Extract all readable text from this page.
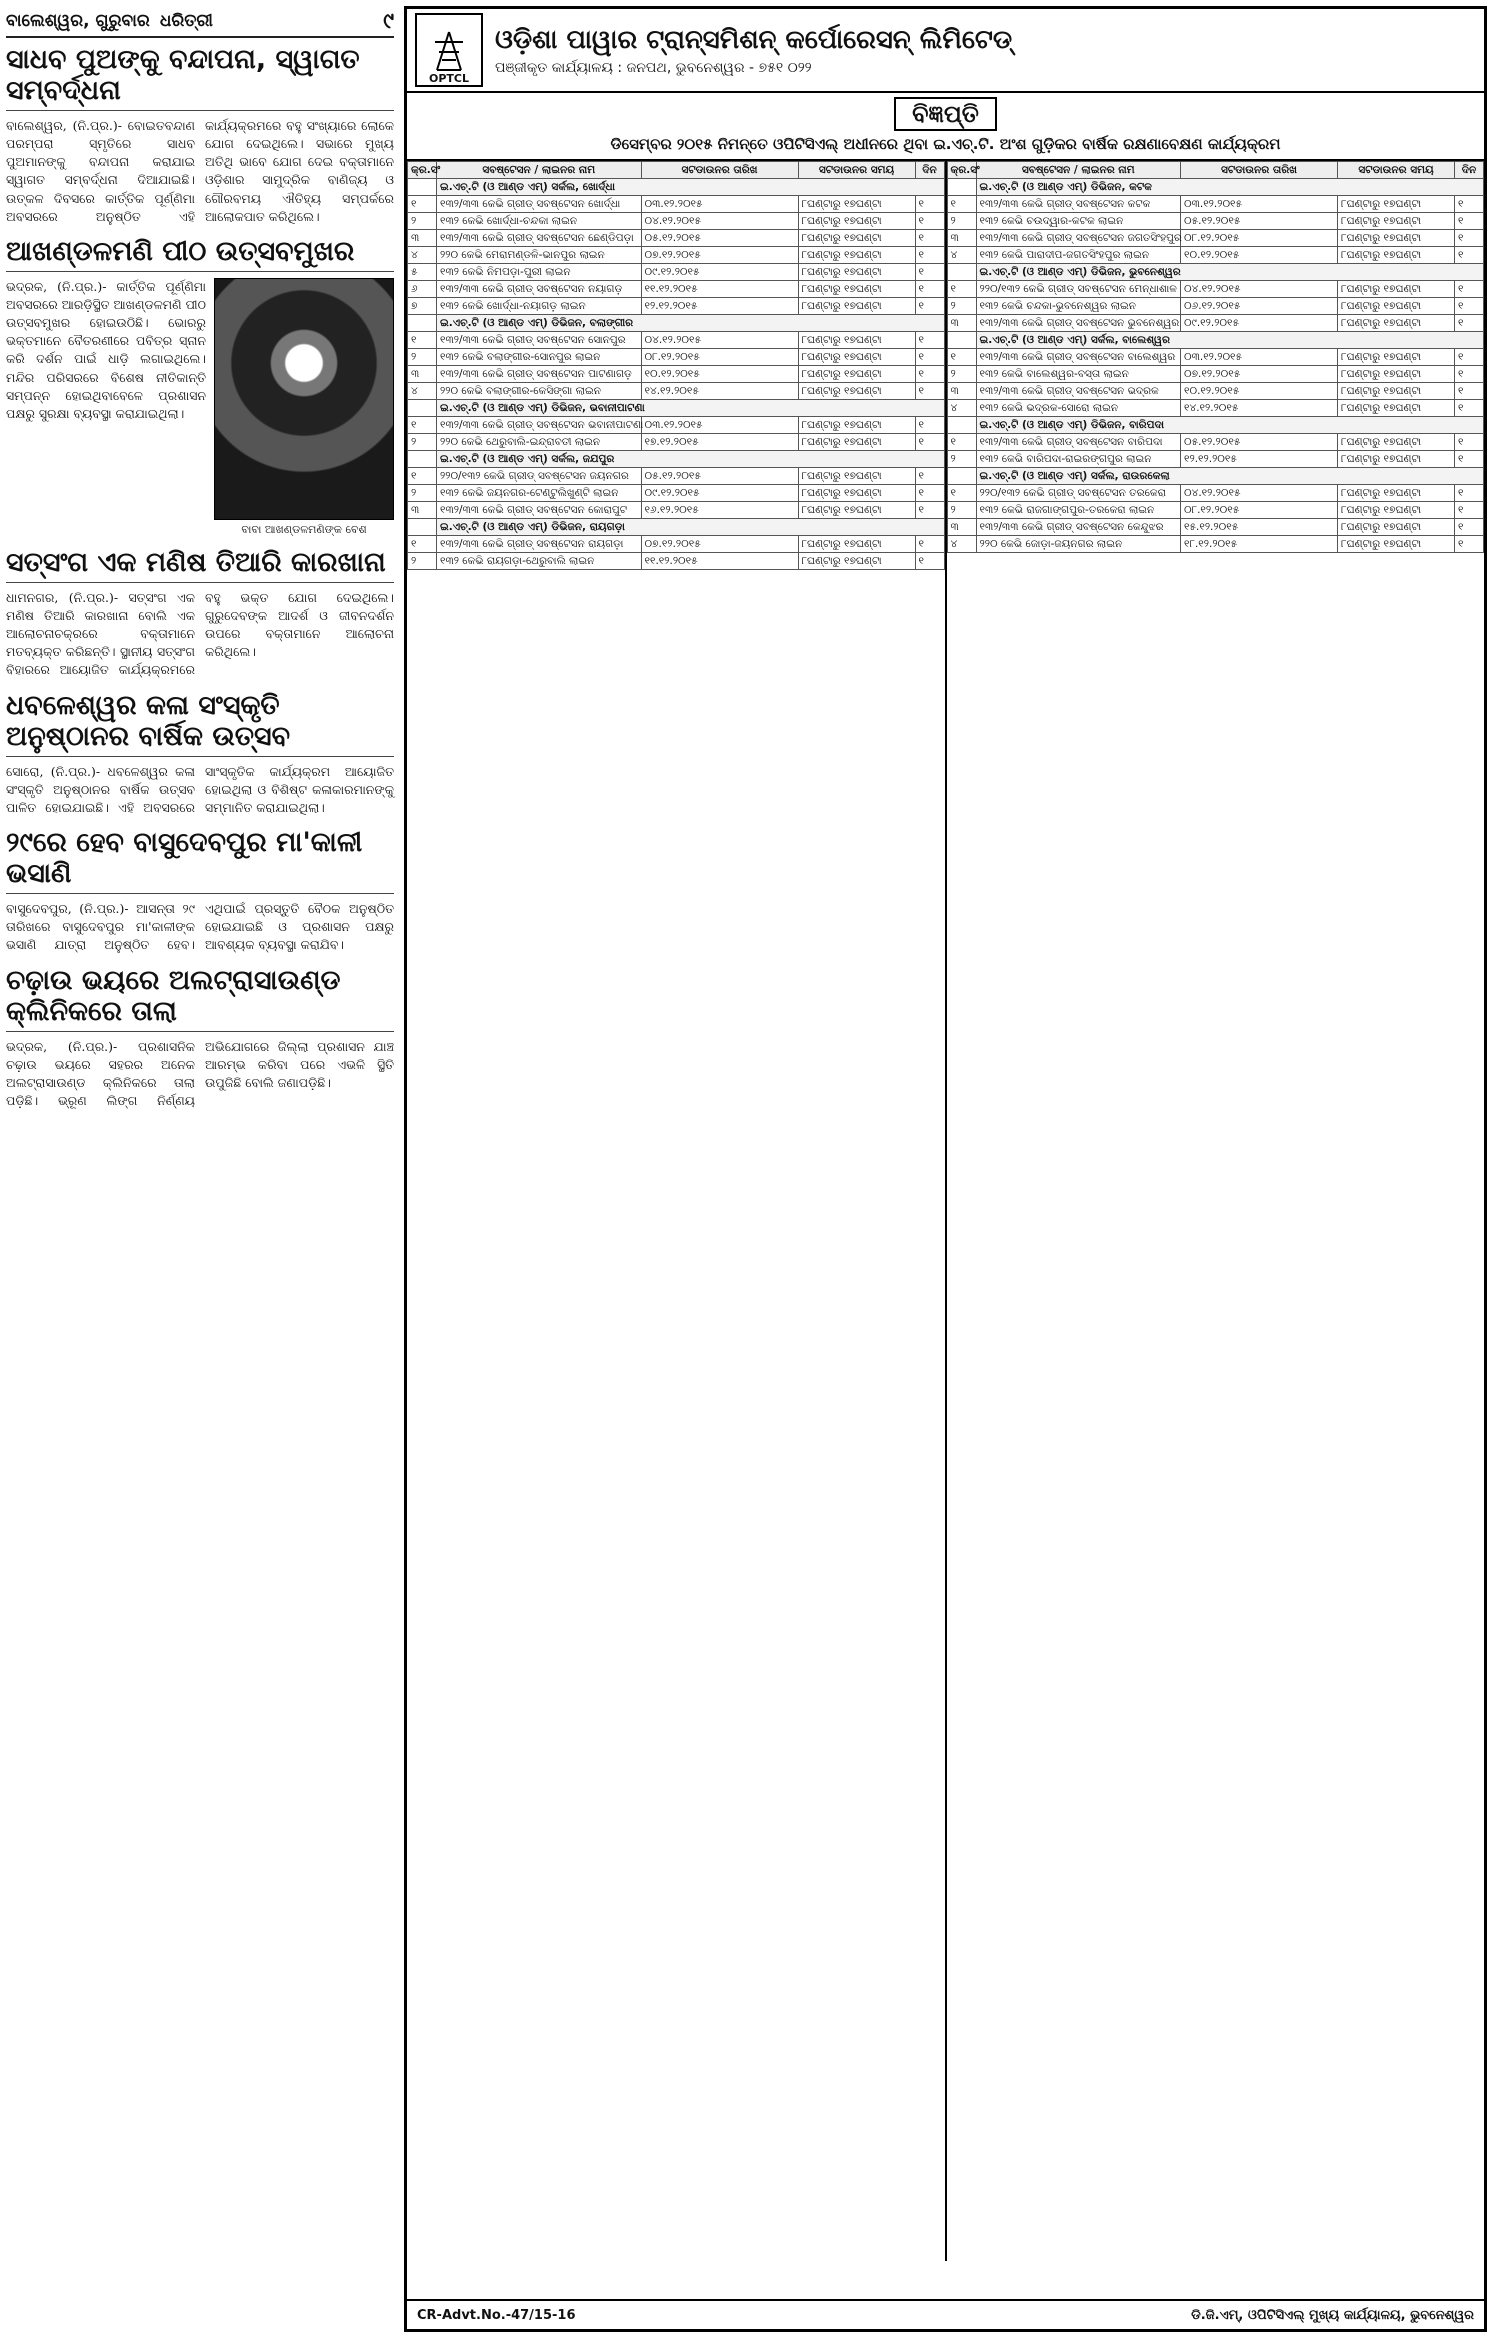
ବାଲେଶ୍ୱର, ଗୁରୁବାର ଧରିତ୍ରୀ	୯
ସାଧବ ପୁଅଙ୍କୁ ବନ୍ଦାପନା, ସ୍ୱାଗତ ସମ୍ବର୍ଦ୍ଧନା

ବାଲେଶ୍ୱର, (ନି.ପ୍ର.)- ବୋଇତବନ୍ଦାଣ ପରମ୍ପରା ସ୍ମୃତିରେ ସାଧବ ପୁଅମାନଙ୍କୁ ବନ୍ଦାପନା କରାଯାଇ ସ୍ୱାଗତ ସମ୍ବର୍ଦ୍ଧନା ଦିଆଯାଇଛି। ଉତ୍କଳ ଦିବସରେ କାର୍ତ୍ତିକ ପୂର୍ଣ୍ଣିମା ଅବସରରେ ଅନୁଷ୍ଠିତ ଏହି କାର୍ଯ୍ୟକ୍ରମରେ ବହୁ ସଂଖ୍ୟାରେ ଲୋକେ ଯୋଗ ଦେଇଥିଲେ। ସଭାରେ ମୁଖ୍ୟ ଅତିଥି ଭାବେ ଯୋଗ ଦେଇ ବକ୍ତାମାନେ ଓଡ଼ିଶାର ସାମୁଦ୍ରିକ ବାଣିଜ୍ୟ ଓ ଗୌରବମୟ ଐତିହ୍ୟ ସମ୍ପର୍କରେ ଆଲୋକପାତ କରିଥିଲେ।

ଆଖଣ୍ଡଳମଣି ପୀଠ ଉତ୍ସବମୁଖର

ଭଦ୍ରକ, (ନି.ପ୍ର.)- କାର୍ତ୍ତିକ ପୂର୍ଣ୍ଣିମା ଅବସରରେ ଆରଡ଼ିସ୍ଥିତ ଆଖଣ୍ଡଳମଣି ପୀଠ ଉତ୍ସବମୁଖର ହୋଇଉଠିଛି। ଭୋରରୁ ଭକ୍ତମାନେ ବୈତରଣୀରେ ପବିତ୍ର ସ୍ନାନ କରି ଦର୍ଶନ ପାଇଁ ଧାଡ଼ି ଲଗାଇଥିଲେ। ମନ୍ଦିର ପରିସରରେ ବିଶେଷ ନୀତିକାନ୍ତି ସମ୍ପନ୍ନ ହୋଇଥିବାବେଳେ ପ୍ରଶାସନ ପକ୍ଷରୁ ସୁରକ୍ଷା ବ୍ୟବସ୍ଥା କରାଯାଇଥିଲା।

ବାବା ଆଖଣ୍ଡଳମଣିଙ୍କ ବେଶ
ସତ୍ସଂଗ ଏକ ମଣିଷ ତିଆରି କାରଖାନା

ଧାମନଗର, (ନି.ପ୍ର.)- ସତ୍ସଂଗ ଏକ ମଣିଷ ତିଆରି କାରଖାନା ବୋଲି ଏକ ଆଲୋଚନାଚକ୍ରରେ ବକ୍ତାମାନେ ମତବ୍ୟକ୍ତ କରିଛନ୍ତି। ସ୍ଥାନୀୟ ସତ୍ସଂଗ ବିହାରରେ ଆୟୋଜିତ କାର୍ଯ୍ୟକ୍ରମରେ ବହୁ ଭକ୍ତ ଯୋଗ ଦେଇଥିଲେ। ଗୁରୁଦେବଙ୍କ ଆଦର୍ଶ ଓ ଜୀବନଦର୍ଶନ ଉପରେ ବକ୍ତାମାନେ ଆଲୋଚନା କରିଥିଲେ।

ଧବଳେଶ୍ୱର କଳା ସଂସ୍କୃତି ଅନୁଷ୍ଠାନର ବାର୍ଷିକ ଉତ୍ସବ

ସୋରୋ, (ନି.ପ୍ର.)- ଧବଳେଶ୍ୱର କଳା ସଂସ୍କୃତି ଅନୁଷ୍ଠାନର ବାର୍ଷିକ ଉତ୍ସବ ପାଳିତ ହୋଇଯାଇଛି। ଏହି ଅବସରରେ ସାଂସ୍କୃତିକ କାର୍ଯ୍ୟକ୍ରମ ଆୟୋଜିତ ହୋଇଥିଲା ଓ ବିଶିଷ୍ଟ କଳାକାରମାନଙ୍କୁ ସମ୍ମାନିତ କରାଯାଇଥିଲା।

୨୯ରେ ହେବ ବାସୁଦେବପୁର ମା'କାଳୀ ଭସାଣି

ବାସୁଦେବପୁର, (ନି.ପ୍ର.)- ଆସନ୍ତା ୨୯ ତାରିଖରେ ବାସୁଦେବପୁର ମା'କାଳୀଙ୍କ ଭସାଣି ଯାତ୍ରା ଅନୁଷ୍ଠିତ ହେବ। ଏଥିପାଇଁ ପ୍ରସ୍ତୁତି ବୈଠକ ଅନୁଷ୍ଠିତ ହୋଇଯାଇଛି ଓ ପ୍ରଶାସନ ପକ୍ଷରୁ ଆବଶ୍ୟକ ବ୍ୟବସ୍ଥା କରାଯିବ।

ଚଢ଼ାଉ ଭୟରେ ଅଲଟ୍ରାସାଉଣ୍ଡ କ୍ଲିନିକରେ ତାଲା

ଭଦ୍ରକ, (ନି.ପ୍ର.)- ପ୍ରଶାସନିକ ଚଢ଼ାଉ ଭୟରେ ସହରର ଅନେକ ଅଲଟ୍ରାସାଉଣ୍ଡ କ୍ଲିନିକରେ ତାଲା ପଡ଼ିଛି। ଭ୍ରୂଣ ଲିଙ୍ଗ ନିର୍ଣ୍ଣୟ ଅଭିଯୋଗରେ ଜିଲ୍ଲା ପ୍ରଶାସନ ଯାଞ୍ଚ ଆରମ୍ଭ କରିବା ପରେ ଏଭଳି ସ୍ଥିତି ଉପୁଜିଛି ବୋଲି ଜଣାପଡ଼ିଛି।

OPTCL
ଓଡ଼ିଶା ପାୱାର ଟ୍ରାନ୍ସମିଶନ୍ କର୍ପୋରେସନ୍ ଲିମିଟେଡ୍
ପଞ୍ଜୀକୃତ କାର୍ଯ୍ୟାଳୟ : ଜନପଥ, ଭୁବନେଶ୍ୱର - ୭୫୧ ୦୨୨
ବିଜ୍ଞପ୍ତି
ଡିସେମ୍ବର ୨୦୧୫ ନିମନ୍ତେ ଓପିଟିସିଏଲ୍ ଅଧୀନରେ ଥିବା ଇ.ଏଚ୍.ଟି. ଅଂଶ ଗୁଡ଼ିକର ବାର୍ଷିକ ରକ୍ଷଣାବେକ୍ଷଣ କାର୍ଯ୍ୟକ୍ରମ
କ୍ର.ସଂ	ସବଷ୍ଟେସନ / ଲାଇନର ନାମ	ସଟଡାଉନର ତାରିଖ	ସଟଡାଉନର ସମୟ	ଦିନ
	ଇ.ଏଚ୍.ଟି (ଓ ଆଣ୍ଡ ଏମ୍) ସର୍କଲ, ଖୋର୍ଦ୍ଧା			
୧	୧୩୨/୩୩ କେଭି ଗ୍ରୀଡ୍ ସବଷ୍ଟେସନ ଖୋର୍ଦ୍ଧା	୦୩.୧୨.୨୦୧୫	୮ଘଣ୍ଟାରୁ ୧୭ଘଣ୍ଟା	୧
୨	୧୩୨ କେଭି ଖୋର୍ଦ୍ଧା-ଚନ୍ଦକା ଲାଇନ	୦୪.୧୨.୨୦୧୫	୮ଘଣ୍ଟାରୁ ୧୭ଘଣ୍ଟା	୧
୩	୧୩୨/୩୩ କେଭି ଗ୍ରୀଡ୍ ସବଷ୍ଟେସନ ଛେଣ୍ଡିପଡ଼ା	୦୫.୧୨.୨୦୧୫	୮ଘଣ୍ଟାରୁ ୧୭ଘଣ୍ଟା	୧
୪	୨୨୦ କେଭି ମେରାମଣ୍ଡଳି-ଭାନପୁର ଲାଇନ	୦୭.୧୨.୨୦୧୫	୮ଘଣ୍ଟାରୁ ୧୭ଘଣ୍ଟା	୧
୫	୧୩୨ କେଭି ନିମପଡ଼ା-ପୁରୀ ଲାଇନ	୦୯.୧୨.୨୦୧୫	୮ଘଣ୍ଟାରୁ ୧୭ଘଣ୍ଟା	୧
୬	୧୩୨/୩୩ କେଭି ଗ୍ରୀଡ୍ ସବଷ୍ଟେସନ ନୟାଗଡ଼	୧୧.୧୨.୨୦୧୫	୮ଘଣ୍ଟାରୁ ୧୭ଘଣ୍ଟା	୧
୭	୧୩୨ କେଭି ଖୋର୍ଦ୍ଧା-ନୟାଗଡ଼ ଲାଇନ	୧୨.୧୨.୨୦୧୫	୮ଘଣ୍ଟାରୁ ୧୭ଘଣ୍ଟା	୧
	ଇ.ଏଚ୍.ଟି (ଓ ଆଣ୍ଡ ଏମ୍) ଡିଭିଜନ, ବଲାଙ୍ଗୀର			
୧	୧୩୨/୩୩ କେଭି ଗ୍ରୀଡ୍ ସବଷ୍ଟେସନ ସୋନପୁର	୦୪.୧୨.୨୦୧୫	୮ଘଣ୍ଟାରୁ ୧୭ଘଣ୍ଟା	୧
୨	୧୩୨ କେଭି ବଲାଙ୍ଗୀର-ସୋନପୁର ଲାଇନ	୦୮.୧୨.୨୦୧୫	୮ଘଣ୍ଟାରୁ ୧୭ଘଣ୍ଟା	୧
୩	୧୩୨/୩୩ କେଭି ଗ୍ରୀଡ୍ ସବଷ୍ଟେସନ ପାଟଣାଗଡ଼	୧୦.୧୨.୨୦୧୫	୮ଘଣ୍ଟାରୁ ୧୭ଘଣ୍ଟା	୧
୪	୨୨୦ କେଭି ବଲାଙ୍ଗୀର-କେସିଙ୍ଗା ଲାଇନ	୧୪.୧୨.୨୦୧୫	୮ଘଣ୍ଟାରୁ ୧୭ଘଣ୍ଟା	୧
	ଇ.ଏଚ୍.ଟି (ଓ ଆଣ୍ଡ ଏମ୍) ଡିଭିଜନ, ଭବାନୀପାଟଣା			
୧	୧୩୨/୩୩ କେଭି ଗ୍ରୀଡ୍ ସବଷ୍ଟେସନ ଭବାନୀପାଟଣା	୦୩.୧୨.୨୦୧୫	୮ଘଣ୍ଟାରୁ ୧୭ଘଣ୍ଟା	୧
୨	୨୨୦ କେଭି ଥେରୁବାଲି-ଇନ୍ଦ୍ରାବତୀ ଲାଇନ	୧୭.୧୨.୨୦୧୫	୮ଘଣ୍ଟାରୁ ୧୭ଘଣ୍ଟା	୧
	ଇ.ଏଚ୍.ଟି (ଓ ଆଣ୍ଡ ଏମ୍) ସର୍କଲ, ଜଯପୁର			
୧	୨୨୦/୧୩୨ କେଭି ଗ୍ରୀଡ୍ ସବଷ୍ଟେସନ ଜୟନଗର	୦୫.୧୨.୨୦୧୫	୮ଘଣ୍ଟାରୁ ୧୭ଘଣ୍ଟା	୧
୨	୧୩୨ କେଭି ଜୟନଗର-ଟେଣ୍ଟୁଲିଖୁଣ୍ଟି ଲାଇନ	୦୯.୧୨.୨୦୧୫	୮ଘଣ୍ଟାରୁ ୧୭ଘଣ୍ଟା	୧
୩	୧୩୨/୩୩ କେଭି ଗ୍ରୀଡ୍ ସବଷ୍ଟେସନ କୋରାପୁଟ	୧୬.୧୨.୨୦୧୫	୮ଘଣ୍ଟାରୁ ୧୭ଘଣ୍ଟା	୧
	ଇ.ଏଚ୍.ଟି (ଓ ଆଣ୍ଡ ଏମ୍) ଡିଭିଜନ, ରାୟଗଡ଼ା			
୧	୧୩୨/୩୩ କେଭି ଗ୍ରୀଡ୍ ସବଷ୍ଟେସନ ରାୟଗଡ଼ା	୦୭.୧୨.୨୦୧୫	୮ଘଣ୍ଟାରୁ ୧୭ଘଣ୍ଟା	୧
୨	୧୩୨ କେଭି ରାୟଗଡ଼ା-ଥେରୁବାଲି ଲାଇନ	୧୧.୧୨.୨୦୧୫	୮ଘଣ୍ଟାରୁ ୧୭ଘଣ୍ଟା	୧
କ୍ର.ସଂ	ସବଷ୍ଟେସନ / ଲାଇନର ନାମ	ସଟଡାଉନର ତାରିଖ	ସଟଡାଉନର ସମୟ	ଦିନ
	ଇ.ଏଚ୍.ଟି (ଓ ଆଣ୍ଡ ଏମ୍) ଡିଭିଜନ, କଟକ			
୧	୧୩୨/୩୩ କେଭି ଗ୍ରୀଡ୍ ସବଷ୍ଟେସନ କଟକ	୦୩.୧୨.୨୦୧୫	୮ଘଣ୍ଟାରୁ ୧୭ଘଣ୍ଟା	୧
୨	୧୩୨ କେଭି ଚଉଦ୍ୱାର-କଟକ ଲାଇନ	୦୫.୧୨.୨୦୧୫	୮ଘଣ୍ଟାରୁ ୧୭ଘଣ୍ଟା	୧
୩	୧୩୨/୩୩ କେଭି ଗ୍ରୀଡ୍ ସବଷ୍ଟେସନ ଜଗତସିଂହପୁର	୦୮.୧୨.୨୦୧୫	୮ଘଣ୍ଟାରୁ ୧୭ଘଣ୍ଟା	୧
୪	୧୩୨ କେଭି ପାରାଦୀପ-ଜଗତସିଂହପୁର ଲାଇନ	୧୦.୧୨.୨୦୧୫	୮ଘଣ୍ଟାରୁ ୧୭ଘଣ୍ଟା	୧
	ଇ.ଏଚ୍.ଟି (ଓ ଆଣ୍ଡ ଏମ୍) ଡିଭିଜନ, ଭୁବନେଶ୍ୱର			
୧	୨୨୦/୧୩୨ କେଭି ଗ୍ରୀଡ୍ ସବଷ୍ଟେସନ ମେନ୍ଧାଶାଳ	୦୪.୧୨.୨୦୧୫	୮ଘଣ୍ଟାରୁ ୧୭ଘଣ୍ଟା	୧
୨	୧୩୨ କେଭି ଚନ୍ଦକା-ଭୁବନେଶ୍ୱର ଲାଇନ	୦୬.୧୨.୨୦୧୫	୮ଘଣ୍ଟାରୁ ୧୭ଘଣ୍ଟା	୧
୩	୧୩୨/୩୩ କେଭି ଗ୍ରୀଡ୍ ସବଷ୍ଟେସନ ଭୁବନେଶ୍ୱର	୦୯.୧୨.୨୦୧୫	୮ଘଣ୍ଟାରୁ ୧୭ଘଣ୍ଟା	୧
	ଇ.ଏଚ୍.ଟି (ଓ ଆଣ୍ଡ ଏମ୍) ସର୍କଲ, ବାଲେଶ୍ୱର			
୧	୧୩୨/୩୩ କେଭି ଗ୍ରୀଡ୍ ସବଷ୍ଟେସନ ବାଲେଶ୍ୱର	୦୩.୧୨.୨୦୧୫	୮ଘଣ୍ଟାରୁ ୧୭ଘଣ୍ଟା	୧
୨	୧୩୨ କେଭି ବାଲେଶ୍ୱର-ବସ୍ତା ଲାଇନ	୦୭.୧୨.୨୦୧୫	୮ଘଣ୍ଟାରୁ ୧୭ଘଣ୍ଟା	୧
୩	୧୩୨/୩୩ କେଭି ଗ୍ରୀଡ୍ ସବଷ୍ଟେସନ ଭଦ୍ରକ	୧୦.୧୨.୨୦୧୫	୮ଘଣ୍ଟାରୁ ୧୭ଘଣ୍ଟା	୧
୪	୧୩୨ କେଭି ଭଦ୍ରକ-ସୋରୋ ଲାଇନ	୧୪.୧୨.୨୦୧୫	୮ଘଣ୍ଟାରୁ ୧୭ଘଣ୍ଟା	୧
	ଇ.ଏଚ୍.ଟି (ଓ ଆଣ୍ଡ ଏମ୍) ଡିଭିଜନ, ବାରିପଦା			
୧	୧୩୨/୩୩ କେଭି ଗ୍ରୀଡ୍ ସବଷ୍ଟେସନ ବାରିପଦା	୦୫.୧୨.୨୦୧୫	୮ଘଣ୍ଟାରୁ ୧୭ଘଣ୍ଟା	୧
୨	୧୩୨ କେଭି ବାରିପଦା-ରାଇରଙ୍ଗପୁର ଲାଇନ	୧୨.୧୨.୨୦୧୫	୮ଘଣ୍ଟାରୁ ୧୭ଘଣ୍ଟା	୧
	ଇ.ଏଚ୍.ଟି (ଓ ଆଣ୍ଡ ଏମ୍) ସର୍କଲ, ରାଉରକେଲା			
୧	୨୨୦/୧୩୨ କେଭି ଗ୍ରୀଡ୍ ସବଷ୍ଟେସନ ତରକେରା	୦୪.୧୨.୨୦୧୫	୮ଘଣ୍ଟାରୁ ୧୭ଘଣ୍ଟା	୧
୨	୧୩୨ କେଭି ରାଜଗାଙ୍ଗପୁର-ତରକେରା ଲାଇନ	୦୮.୧୨.୨୦୧୫	୮ଘଣ୍ଟାରୁ ୧୭ଘଣ୍ଟା	୧
୩	୧୩୨/୩୩ କେଭି ଗ୍ରୀଡ୍ ସବଷ୍ଟେସନ କେନ୍ଦୁଝର	୧୫.୧୨.୨୦୧୫	୮ଘଣ୍ଟାରୁ ୧୭ଘଣ୍ଟା	୧
୪	୨୨୦ କେଭି ଜୋଡ଼ା-ଜୟନଗର ଲାଇନ	୧୮.୧୨.୨୦୧୫	୮ଘଣ୍ଟାରୁ ୧୭ଘଣ୍ଟା	୧
CR-Advt.No.-47/15-16	ଡି.ଜି.ଏମ୍, ଓପିଟିସିଏଲ୍ ମୁଖ୍ୟ କାର୍ଯ୍ୟାଳୟ, ଭୁବନେଶ୍ୱର
